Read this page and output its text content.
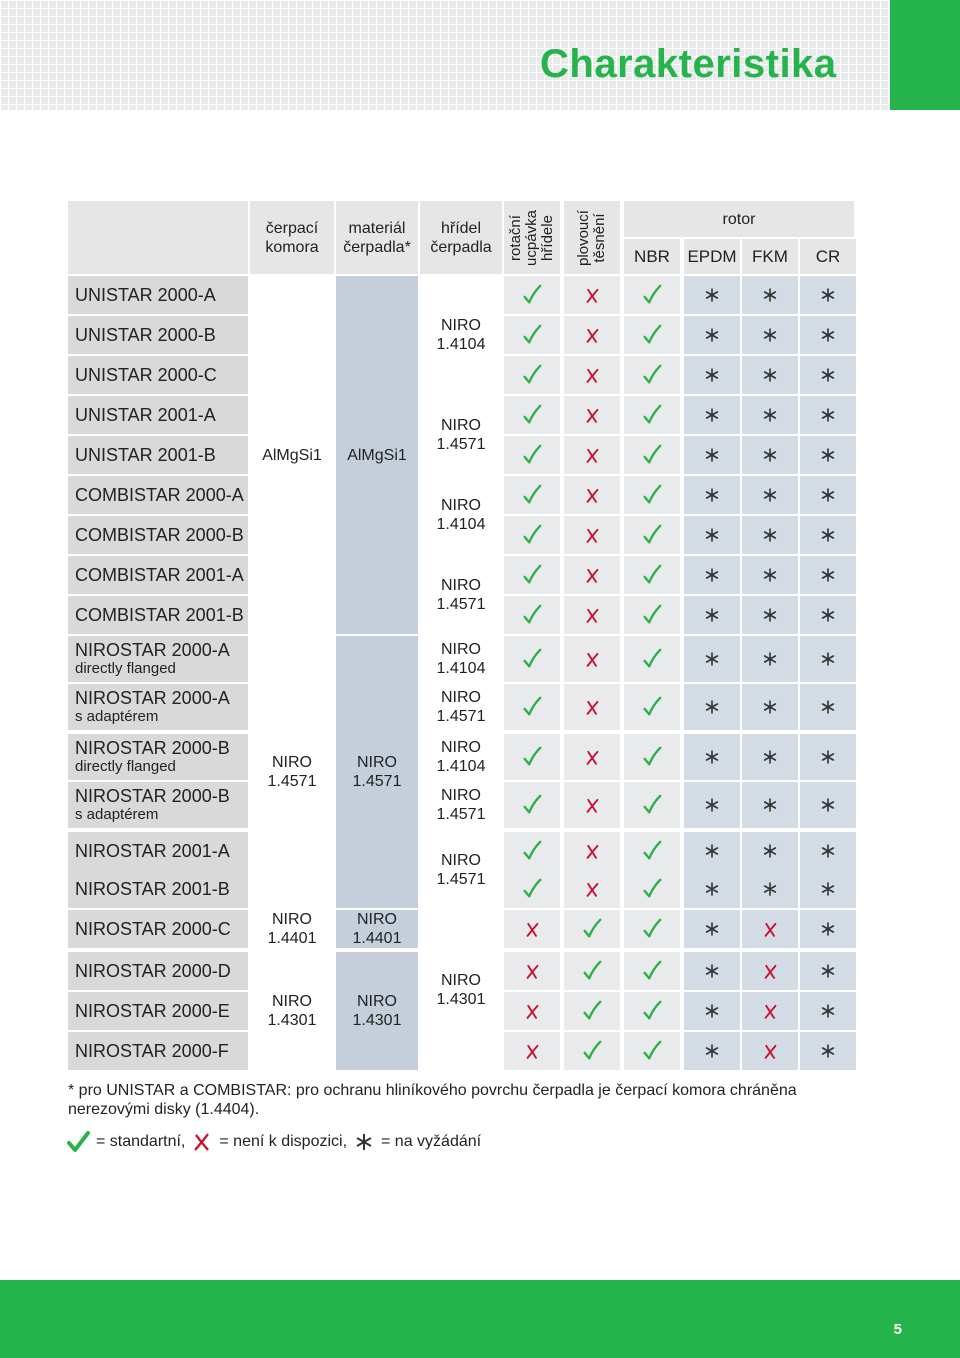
Charakteristika
čerpací
komora
materiál
čerpadla*
hřídel
čerpadla rotační
ucpávka
hřídele plovoucí
těsnění	rotor
NBR EPDM FKM CR
UNISTAR 2000-A
UNISTAR 2000-B
UNISTAR 2000-C
UNISTAR 2001-A
UNISTAR 2001-B
COMBISTAR 2000-A
COMBISTAR 2000-B
COMBISTAR 2001-A
COMBISTAR 2001-B
NIROSTAR 2000-A
directly flanged
NIROSTAR 2000-A
s adaptérem
NIROSTAR 2000-B
directly flanged
NIROSTAR 2000-B
s adaptérem
NIROSTAR 2001-A
NIROSTAR 2001-B
NIROSTAR 2000-C
NIROSTAR 2000-D
NIROSTAR 2000-E
NIROSTAR 2000-F
AlMgSi1
NIRO
1.4571
NIRO
1.4401
NIRO
1.4301
AlMgSi1
NIRO
1.4571
NIRO
1.4401
NIRO
1.4301
NIRO
1.4104
NIRO
1.4571
NIRO
1.4104
NIRO
1.4571
NIRO
1.4104
NIRO
1.4571
NIRO
1.4104
NIRO
1.4571
NIRO
1.4571
NIRO
1.4301
* pro UNISTAR a COMBISTAR: pro ochranu hliníkového povrchu čerpadla je čerpací komora chráněna nerezovými disky (1.4404).
= standartní, = není k dispozici, = na vyžádání
5
